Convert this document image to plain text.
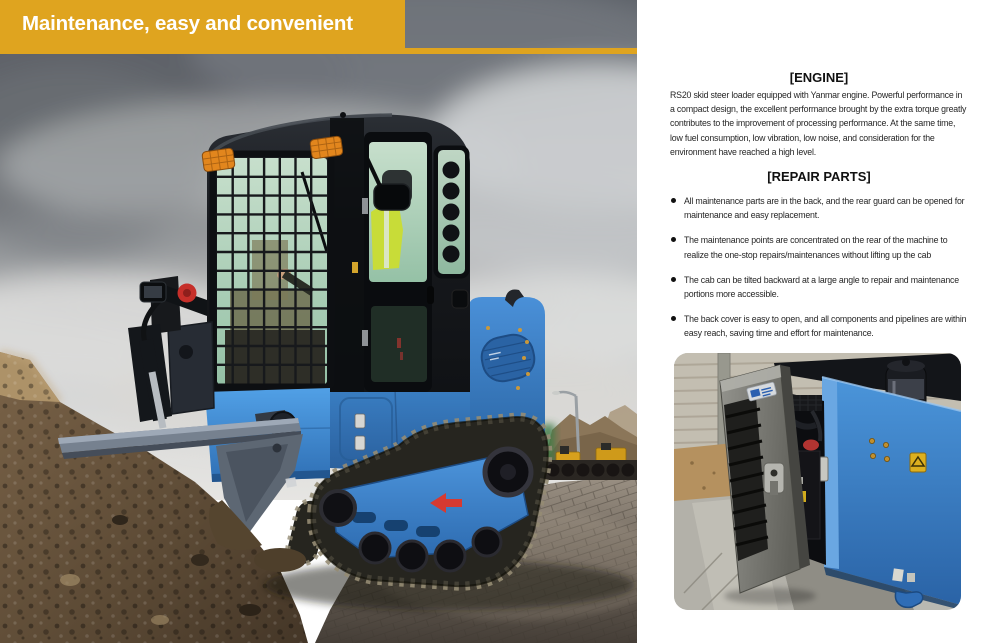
Maintenance, easy and convenient
[ENGINE]

RS20 skid steer loader equipped with Yanmar engine. Powerful performance in a compact design, the excellent performance brought by the extra torque greatly contributes to the improvement of processing performance. At the same time, low fuel consumption, low vibration, low noise, and consideration for the environment have reached a high level.

[REPAIR PARTS]
All maintenance parts are in the back, and the rear guard can be opened for maintenance and easy replacement.
The maintenance points are concentrated on the rear of the machine to realize the one-stop repairs/maintenances without lifting up the cab
The cab can be tilted backward at a large angle to repair and maintenance portions more accessible.
The back cover is easy to open, and all components and pipelines are within easy reach, saving time and effort for maintenance.
